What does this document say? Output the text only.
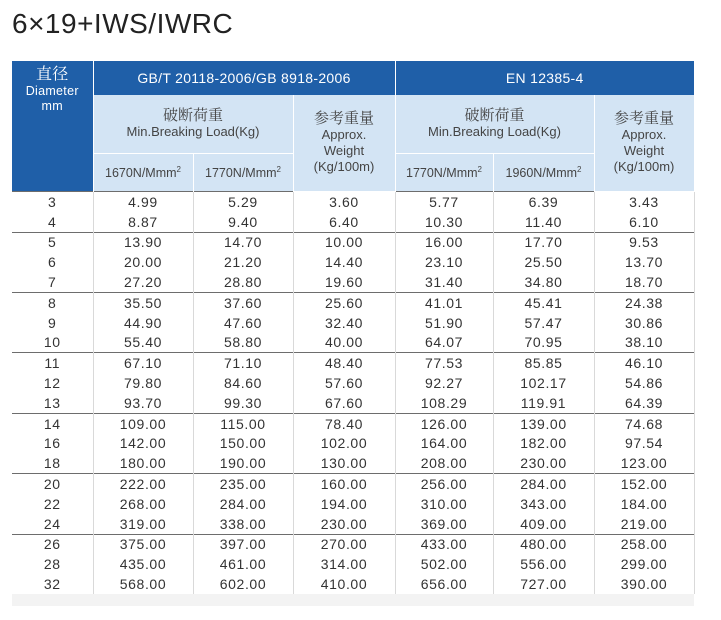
6×19+IWS/IWRC
直径
Diameter
mm	GB/T 20118-2006/GB 8918-2006			EN 12385-4		

	破断荷重
Min.Breaking Load(Kg)		参考重量
Approx.
Weight
(Kg/100m)	破断荷重
Min.Breaking Load(Kg)		参考重量
Approx.
Weight
(Kg/100m)

	1670N/Mmm$^2$	1770N/Mmm$^2$		1770N/Mmm$^2$	1960N/Mmm$^2$
3	4.99	5.29	3.60	5.77	6.39	3.43
4	8.87	9.40	6.40	10.30	11.40	6.10
5	13.90	14.70	10.00	16.00	17.70	9.53
6	20.00	21.20	14.40	23.10	25.50	13.70
7	27.20	28.80	19.60	31.40	34.80	18.70
8	35.50	37.60	25.60	41.01	45.41	24.38
9	44.90	47.60	32.40	51.90	57.47	30.86
10	55.40	58.80	40.00	64.07	70.95	38.10
11	67.10	71.10	48.40	77.53	85.85	46.10
12	79.80	84.60	57.60	92.27	102.17	54.86
13	93.70	99.30	67.60	108.29	119.91	64.39
14	109.00	115.00	78.40	126.00	139.00	74.68
16	142.00	150.00	102.00	164.00	182.00	97.54
18	180.00	190.00	130.00	208.00	230.00	123.00
20	222.00	235.00	160.00	256.00	284.00	152.00
22	268.00	284.00	194.00	310.00	343.00	184.00
24	319.00	338.00	230.00	369.00	409.00	219.00
26	375.00	397.00	270.00	433.00	480.00	258.00
28	435.00	461.00	314.00	502.00	556.00	299.00
32	568.00	602.00	410.00	656.00	727.00	390.00
